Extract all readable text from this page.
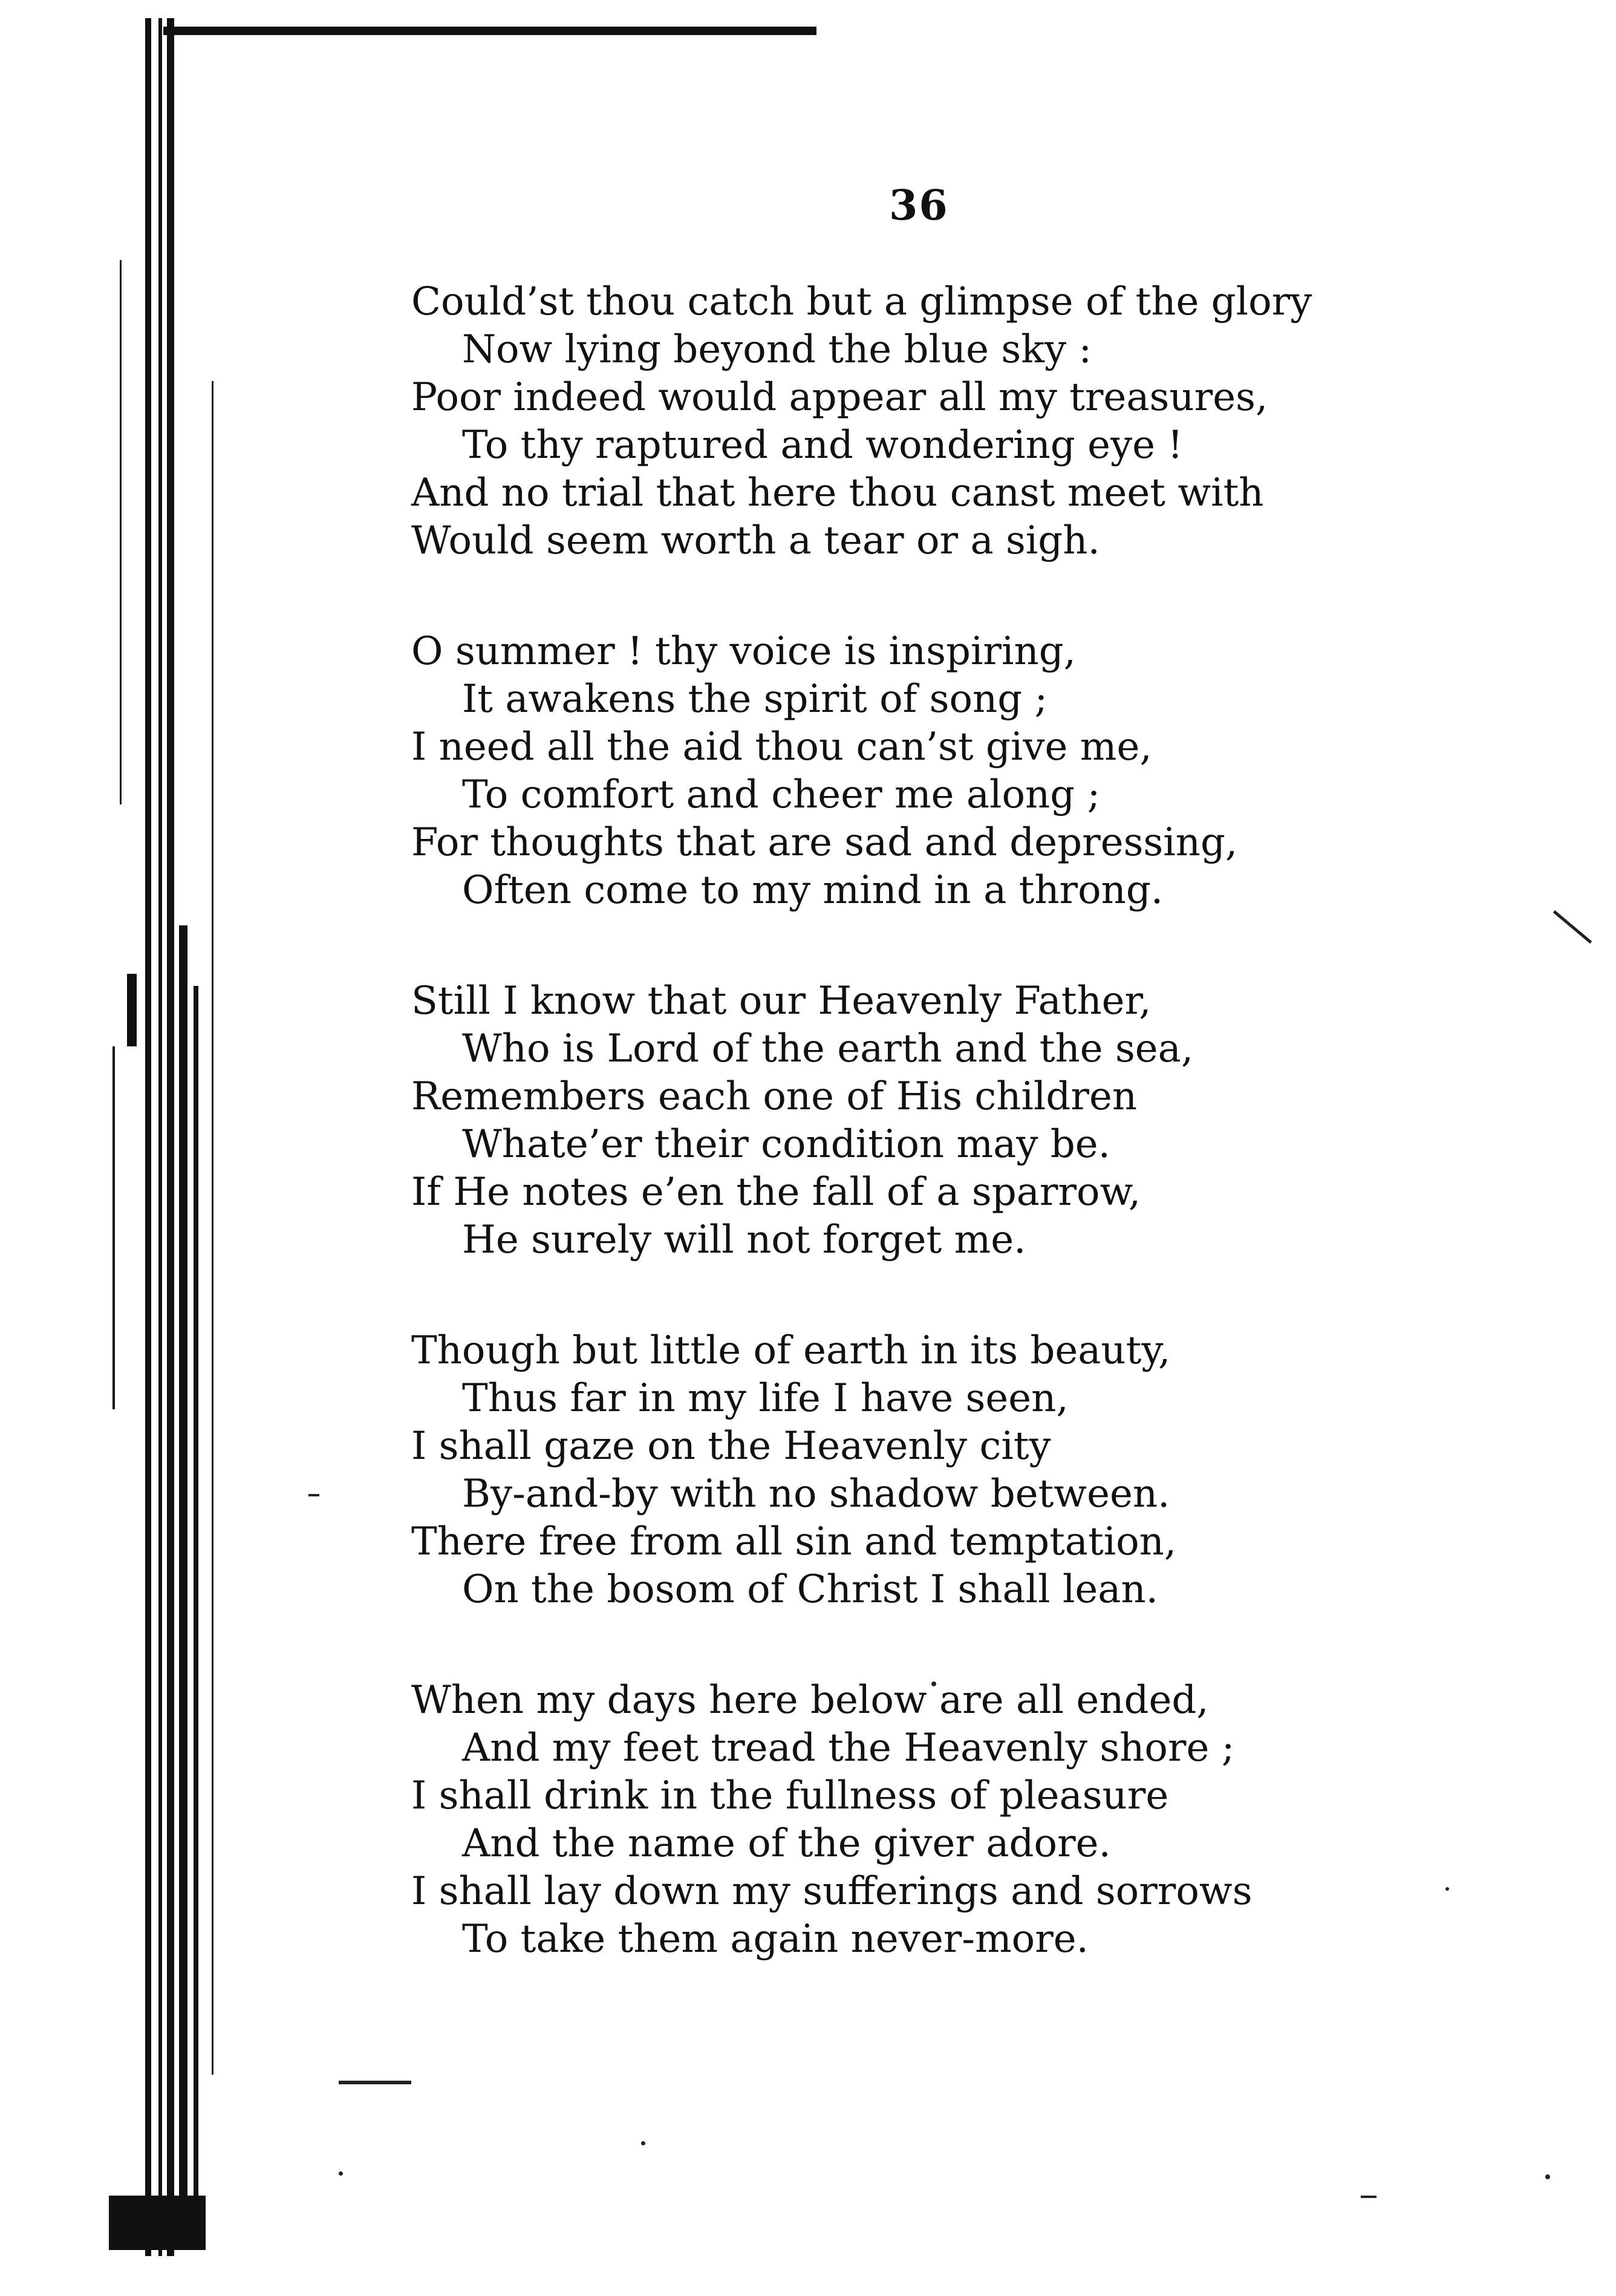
36
Could’st thou catch but a glimpse of the glory
Now lying beyond the blue sky :
Poor indeed would appear all my treasures,
To thy raptured and wondering eye !
And no trial that here thou canst meet with
Would seem worth a tear or a sigh.
O summer ! thy voice is inspiring,
It awakens the spirit of song ;
I need all the aid thou can’st give me,
To comfort and cheer me along ;
For thoughts that are sad and depressing,
Often come to my mind in a throng.
Still I know that our Heavenly Father,
Who is Lord of the earth and the sea,
Remembers each one of His children
Whate’er their condition may be.
If He notes e’en the fall of a sparrow,
He surely will not forget me.
Though but little of earth in its beauty,
Thus far in my life I have seen,
I shall gaze on the Heavenly city
By-and-by with no shadow between.
There free from all sin and temptation,
On the bosom of Christ I shall lean.
When my days here below are all ended,
And my feet tread the Heavenly shore ;
I shall drink in the fullness of pleasure
And the name of the giver adore.
I shall lay down my sufferings and sorrows
To take them again never-more.
